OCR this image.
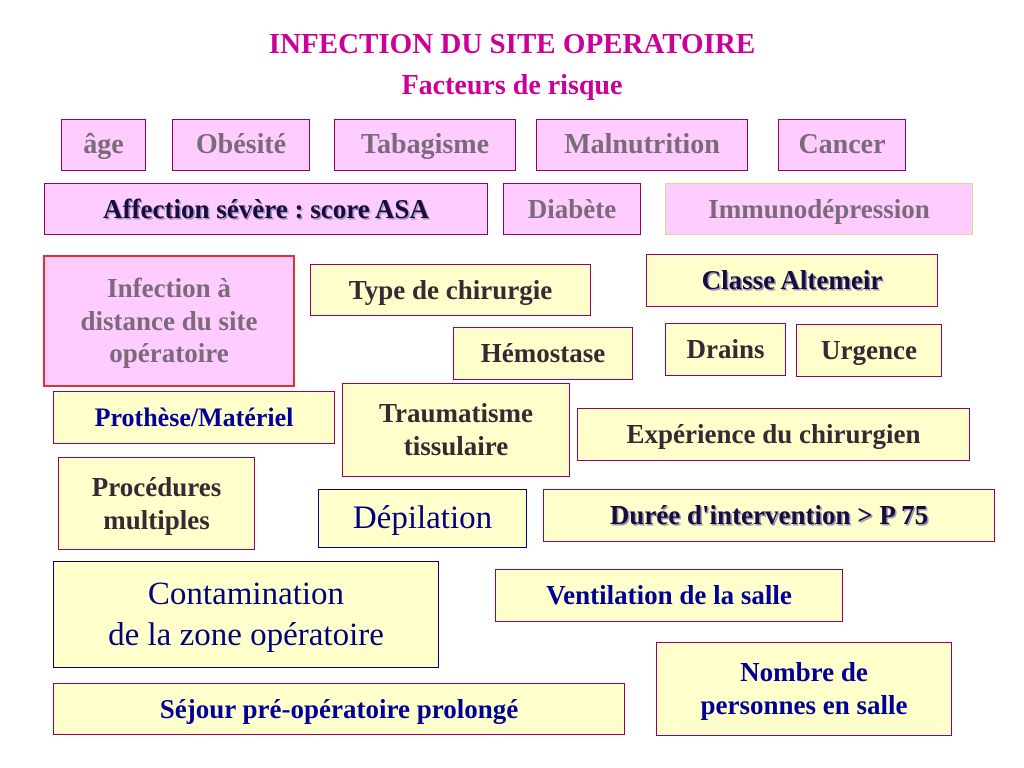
INFECTION DU SITE OPERATOIRE
Facteurs de risque
âge	Obésité	Tabagisme	Malnutrition	Cancer
Affection sévère : score ASA	Diabète	Immunodépression
Infection à
distance du site
opératoire
Type de chirurgie	Classe Altemeir
Hémostase	Drains	Urgence
Prothèse/Matériel	Traumatisme
tissulaire	Expérience du chirurgien
Procédures
multiples	Dépilation	Durée d'intervention > P 75
Contamination
de la zone opératoire
Ventilation de la salle
Nombre de
personnes en salle
Séjour pré-opératoire prolongé
